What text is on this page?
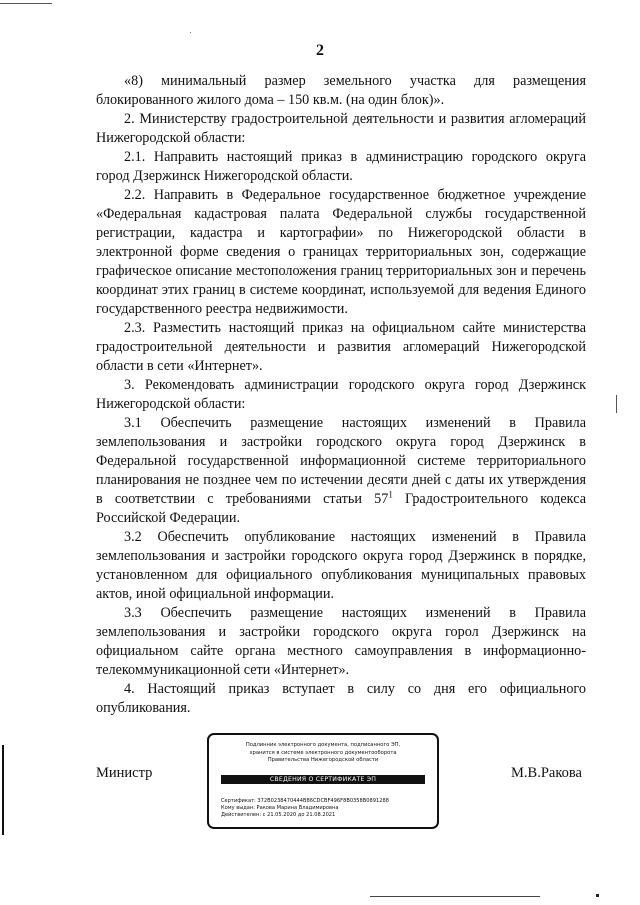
2

«8) минимальный размер земельного участка для размещения блокированного жилого дома – 150 кв.м. (на один блок)».

2. Министерству градостроительной деятельности и развития агломераций Нижегородской области:

2.1. Направить настоящий приказ в администрацию городского округа город Дзержинск Нижегородской области.

2.2. Направить в Федеральное государственное бюджетное учреждение «Федеральная кадастровая палата Федеральной службы государственной регистрации, кадастра и картографии» по Нижегородской области в электронной форме сведения о границах территориальных зон, содержащие графическое описание местоположения границ территориальных зон и перечень координат этих границ в системе координат, используемой для ведения Единого государственного реестра недвижимости.

2.3. Разместить настоящий приказ на официальном сайте министерства градостроительной деятельности и развития агломераций Нижегородской области в сети «Интернет».

3. Рекомендовать администрации городского округа город Дзержинск Нижегородской области:

3.1 Обеспечить размещение настоящих изменений в Правила землепользования и застройки городского округа город Дзержинск в Федеральной государственной информационной системе территориального планирования не позднее чем по истечении десяти дней с даты их утверждения в соответствии с требованиями статьи $57^1$ Градостроительного кодекса Российской Федерации.

3.2 Обеспечить опубликование настоящих изменений в Правила землепользования и застройки городского округа город Дзержинск в порядке, установленном для официального опубликования муниципальных правовых актов, иной официальной информации.

3.3 Обеспечить размещение настоящих изменений в Правила землепользования и застройки городского округа горол Дзержинск на официальном сайте органа местного самоуправления в информационно-телекоммуникационной сети «Интернет».

4. Настоящий приказ вступает в силу со дня его официального опубликования.

Министр
Подлинник электронного документа, подписанного ЭП,
хранится в системе электронного документооборота
Правительства Нижегородской области
СВЕДЕНИЯ О СЕРТИФИКАТЕ ЭП
Сертификат: 372B0238470444B86CDCBF496F8B0358B0891288
Кому выдан: Ракова Марина Владимировна
Действителен: с 21.05.2020 до 21.08.2021
М.В.Ракова
